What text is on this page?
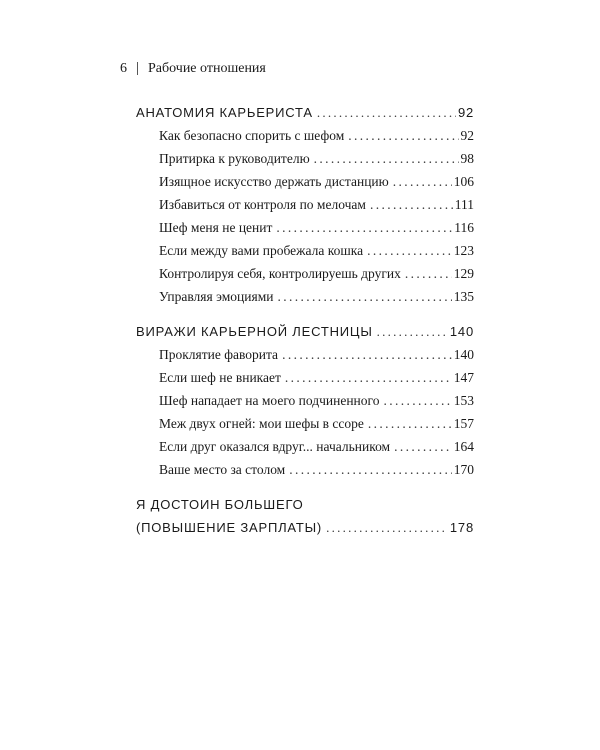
6 | Рабочие отношения
АНАТОМИЯ КАРЬЕРИСТА . . .	92
Как безопасно спорить с шефом . . .	92
Притирка к руководителю . . .	98
Изящное искусство держать дистанцию . . .	106
Избавиться от контроля по мелочам . . .	111
Шеф меня не ценит . . .	116
Если между вами пробежала кошка . . .	123
Контролируя себя, контролируешь других . . .	129
Управляя эмоциями . . .	135
ВИРАЖИ КАРЬЕРНОЙ ЛЕСТНИЦЫ . . .	140
Проклятие фаворита . . .	140
Если шеф не вникает . . .	147
Шеф нападает на моего подчиненного . . .	153
Меж двух огней: мои шефы в ссоре . . .	157
Если друг оказался вдруг... начальником . . .	164
Ваше место за столом . . .	170
Я ДОСТОИН БОЛЬШЕГО
(ПОВЫШЕНИЕ ЗАРПЛАТЫ) . . .	178
